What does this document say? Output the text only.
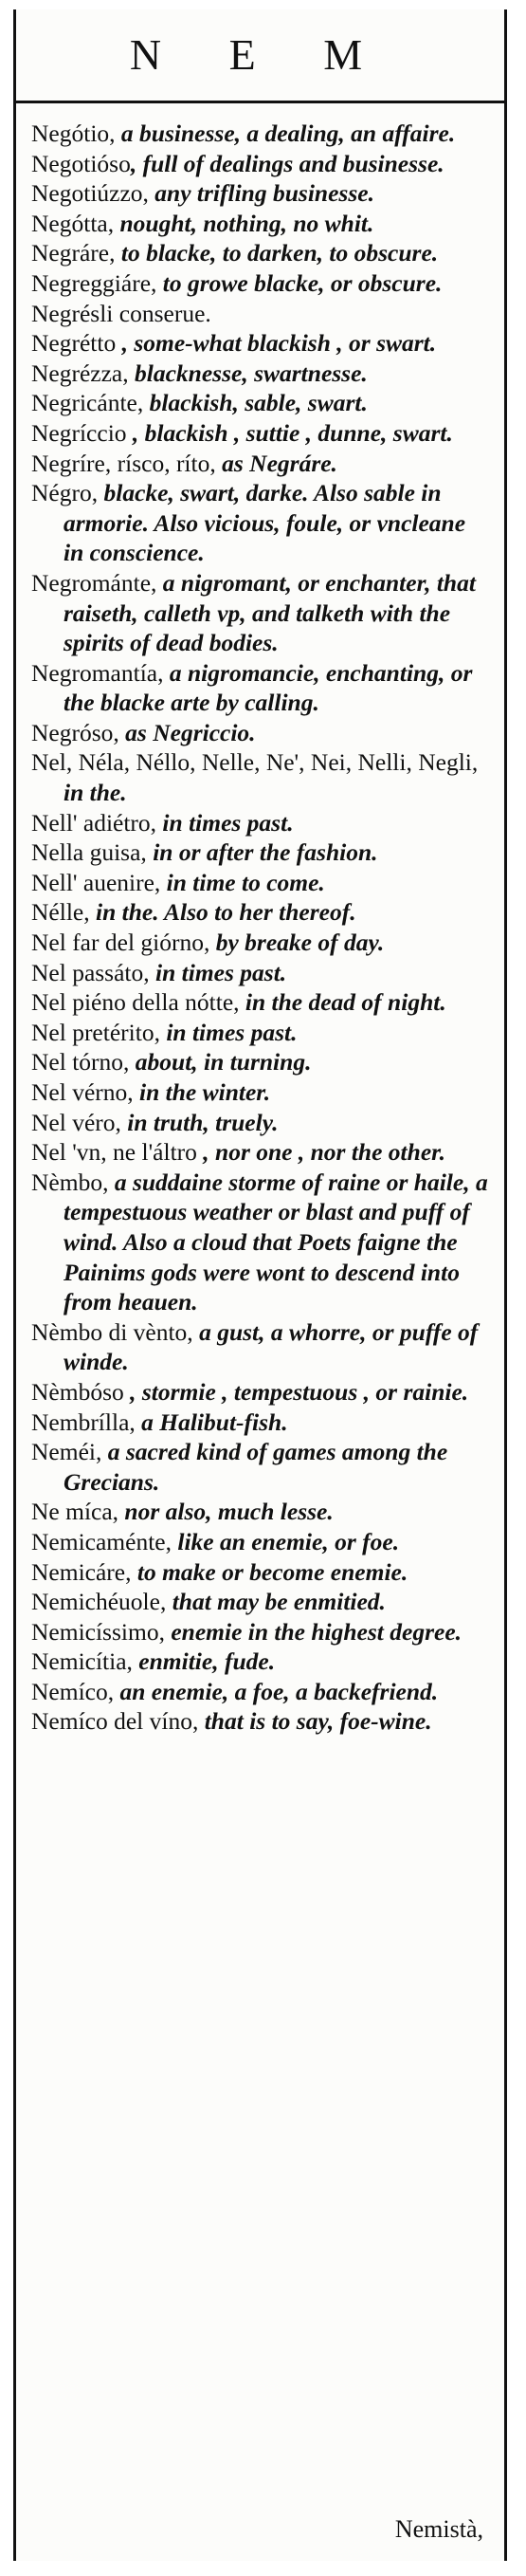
N E M

Negótio, a businesse, a dealing, an affaire.

Negotióso, full of dealings and businesse.

Negotiúzzo, any trifling businesse.

Negótta, nought, nothing, no whit.

Negráre, to blacke, to darken, to obscure.

Negreggiáre, to growe blacke, or obscure.

Negrésli conserue.

Negrétto , some-what blackish , or swart.

Negrézza, blacknesse, swartnesse.

Negricánte, blackish, sable, swart.

Negríccio , blackish , suttie , dunne, swart.

Negríre, rísco, ríto, as Negráre.

Négro, blacke, swart, darke. Also sable in armorie. Also vicious, foule, or vncleane in conscience.

Negrománte, a nigromant, or enchanter, that raiseth, calleth vp, and talketh with the spirits of dead bodies.

Negromantía, a nigromancie, enchanting, or the blacke arte by calling.

Negróso, as Negriccio.

Nel, Néla, Néllo, Nelle, Ne', Nei, Nelli, Negli, in the.

Nell' adiétro, in times past.

Nella guisa, in or after the fashion.

Nell' auenire, in time to come.

Nélle, in the. Also to her thereof.

Nel far del giórno, by breake of day.

Nel passáto, in times past.

Nel piéno della nótte, in the dead of night.

Nel pretérito, in times past.

Nel tórno, about, in turning.

Nel vérno, in the winter.

Nel véro, in truth, truely.

Nel 'vn, ne l'áltro , nor one , nor the other.

Nèmbo, a suddaine storme of raine or haile, a tempestuous weather or blast and puff of wind. Also a cloud that Poets faigne the Painims gods were wont to descend into from heauen.

Nèmbo di vènto, a gust, a whorre, or puffe of winde.

Nèmbóso , stormie , tempestuous , or rainie.

Nembrílla, a Halibut-fish.

Neméi, a sacred kind of games among the Grecians.

Ne míca, nor also, much lesse.

Nemicaménte, like an enemie, or foe.

Nemicáre, to make or become enemie.

Nemichéuole, that may be enmitied.

Nemicíssimo, enemie in the highest degree.

Nemicítia, enmitie, fude.

Nemíco, an enemie, a foe, a backefriend.

Nemíco del víno, that is to say, foe-wine.

Nemistà,
